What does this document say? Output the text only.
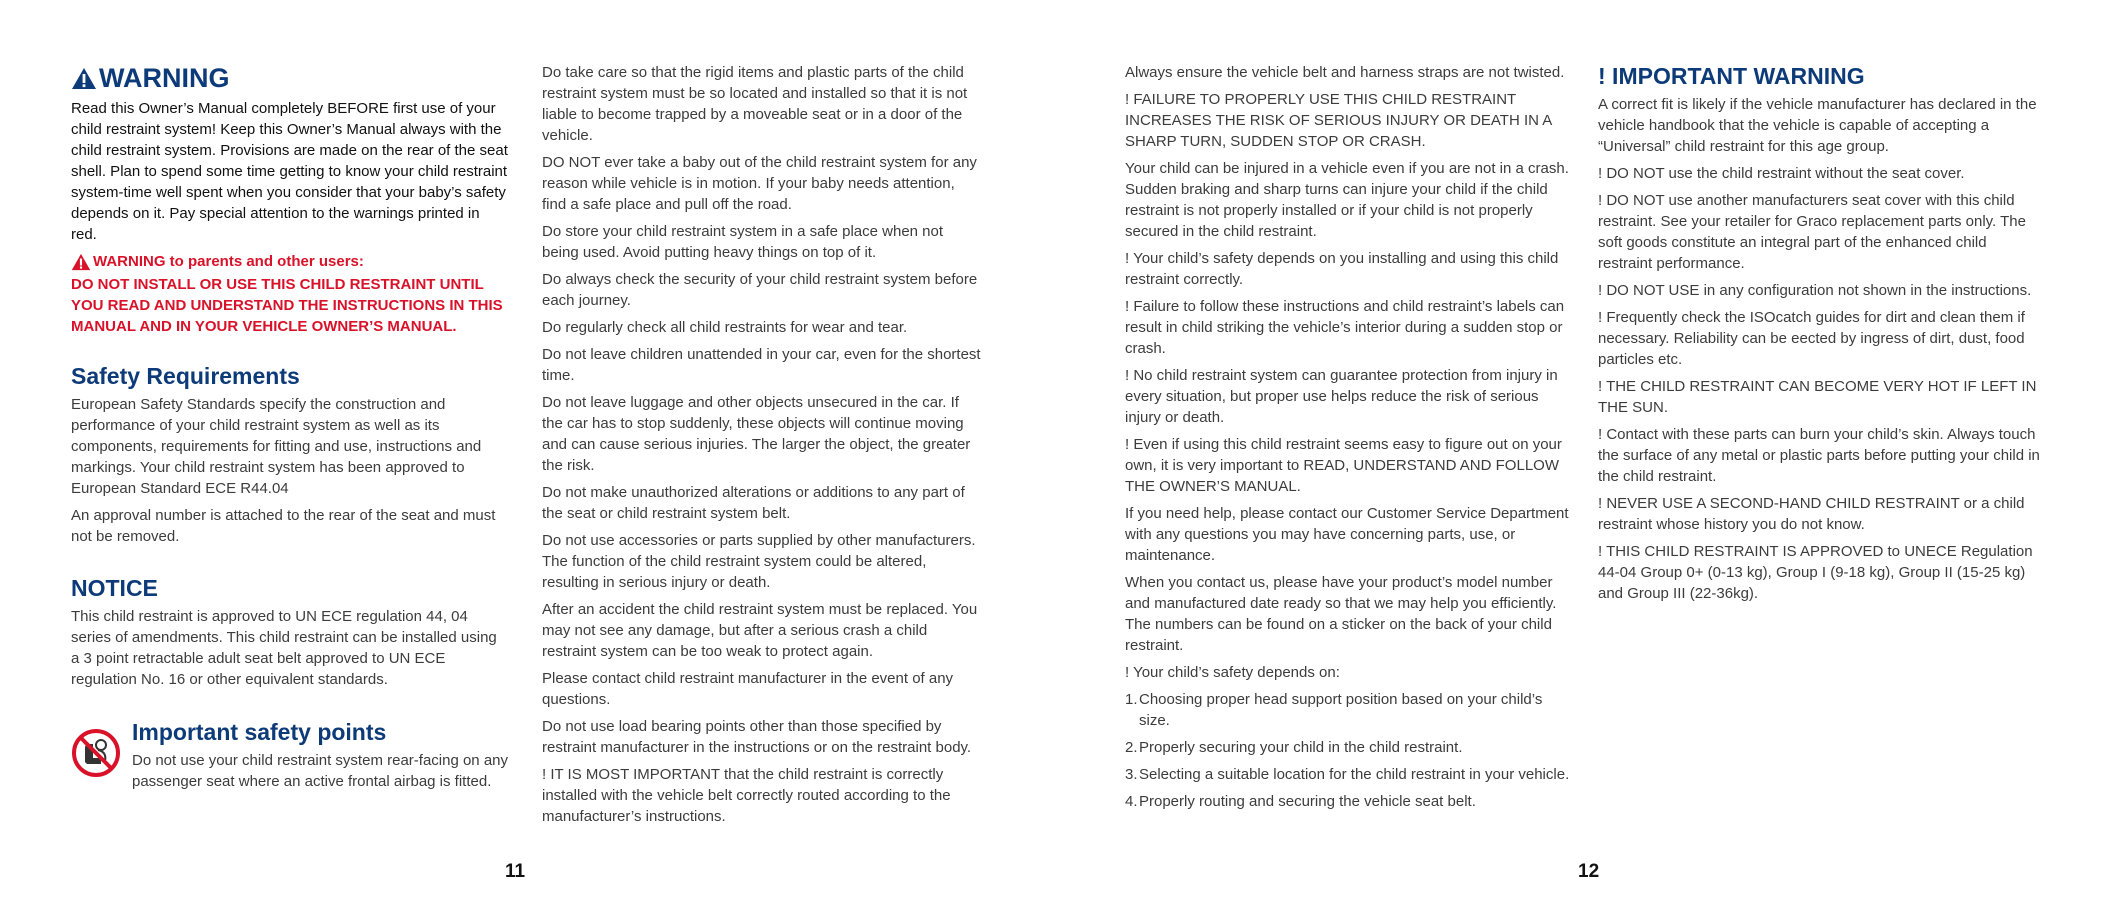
WARNING

Read this Owner’s Manual completely BEFORE first use of your child restraint system! Keep this Owner’s Manual always with the child restraint system. Provisions are made on the rear of the seat shell. Plan to spend some time getting to know your child restraint system-time well spent when you consider that your baby’s safety depends on it. Pay special attention to the warnings printed in red.

WARNING to parents and other users:

DO NOT INSTALL OR USE THIS CHILD RESTRAINT UNTIL YOU READ AND UNDERSTAND THE INSTRUCTIONS IN THIS MANUAL AND IN YOUR VEHICLE OWNER’S MANUAL.

Safety Requirements

European Safety Standards specify the construction and performance of your child restraint system as well as its components, requirements for fitting and use, instructions and markings. Your child restraint system has been approved to European Standard ECE R44.04

An approval number is attached to the rear of the seat and must not be removed.

NOTICE

This child restraint is approved to UN ECE regulation 44, 04 series of amendments. This child restraint can be installed using a 3 point retractable adult seat belt approved to UN ECE regulation No. 16 or other equivalent standards.

Important safety points

Do not use your child restraint system rear-facing on any passenger seat where an active frontal airbag is fitted.

Do take care so that the rigid items and plastic parts of the child restraint system must be so located and installed so that it is not liable to become trapped by a moveable seat or in a door of the vehicle.

DO NOT ever take a baby out of the child restraint system for any reason while vehicle is in motion. If your baby needs attention, find a safe place and pull off the road.

Do store your child restraint system in a safe place when not being used. Avoid putting heavy things on top of it.

Do always check the security of your child restraint system before each journey.

Do regularly check all child restraints for wear and tear.

Do not leave children unattended in your car, even for the shortest time.

Do not leave luggage and other objects unsecured in the car. If the car has to stop suddenly, these objects will continue moving and can cause serious injuries. The larger the object, the greater the risk.

Do not make unauthorized alterations or additions to any part of the seat or child restraint system belt.

Do not use accessories or parts supplied by other manufacturers. The function of the child restraint system could be altered, resulting in serious injury or death.

After an accident the child restraint system must be replaced. You may not see any damage, but after a serious crash a child restraint system can be too weak to protect again.

Please contact child restraint manufacturer in the event of any questions.

Do not use load bearing points other than those specified by restraint manufacturer in the instructions or on the restraint body.

! IT IS MOST IMPORTANT that the child restraint is correctly installed with the vehicle belt correctly routed according to the manufacturer’s instructions.

11

Always ensure the vehicle belt and harness straps are not twisted.

! FAILURE TO PROPERLY USE THIS CHILD RESTRAINT INCREASES THE RISK OF SERIOUS INJURY OR DEATH IN A SHARP TURN, SUDDEN STOP OR CRASH.

Your child can be injured in a vehicle even if you are not in a crash. Sudden braking and sharp turns can injure your child if the child restraint is not properly installed or if your child is not properly secured in the child restraint.

! Your child’s safety depends on you installing and using this child restraint correctly.

! Failure to follow these instructions and child restraint’s labels can result in child striking the vehicle’s interior during a sudden stop or crash.

! No child restraint system can guarantee protection from injury in every situation, but proper use helps reduce the risk of serious injury or death.

! Even if using this child restraint seems easy to figure out on your own, it is very important to READ, UNDERSTAND AND FOLLOW THE OWNER’S MANUAL.

If you need help, please contact our Customer Service Department with any questions you may have concerning parts, use, or maintenance.

When you contact us, please have your product’s model number and manufactured date ready so that we may help you efficiently. The numbers can be found on a sticker on the back of your child restraint.

! Your child’s safety depends on:

1. Choosing proper head support position based on your child’s size.
2. Properly securing your child in the child restraint.
3. Selecting a suitable location for the child restraint in your vehicle.
4. Properly routing and securing the vehicle seat belt.
! IMPORTANT WARNING

A correct fit is likely if the vehicle manufacturer has declared in the vehicle handbook that the vehicle is capable of accepting a “Universal” child restraint for this age group.

! DO NOT use the child restraint without the seat cover.

! DO NOT use another manufacturers seat cover with this child restraint. See your retailer for Graco replacement parts only. The soft goods constitute an integral part of the enhanced child restraint performance.

! DO NOT USE in any configuration not shown in the instructions.

! Frequently check the ISOcatch guides for dirt and clean them if necessary. Reliability can be eected by ingress of dirt, dust, food particles etc.

! THE CHILD RESTRAINT CAN BECOME VERY HOT IF LEFT IN THE SUN.

! Contact with these parts can burn your child’s skin. Always touch the surface of any metal or plastic parts before putting your child in the child restraint.

! NEVER USE A SECOND-HAND CHILD RESTRAINT or a child restraint whose history you do not know.

! THIS CHILD RESTRAINT IS APPROVED to UNECE Regulation 44-04 Group 0+ (0-13 kg), Group I (9-18 kg), Group II (15-25 kg) and Group III (22-36kg).

12
